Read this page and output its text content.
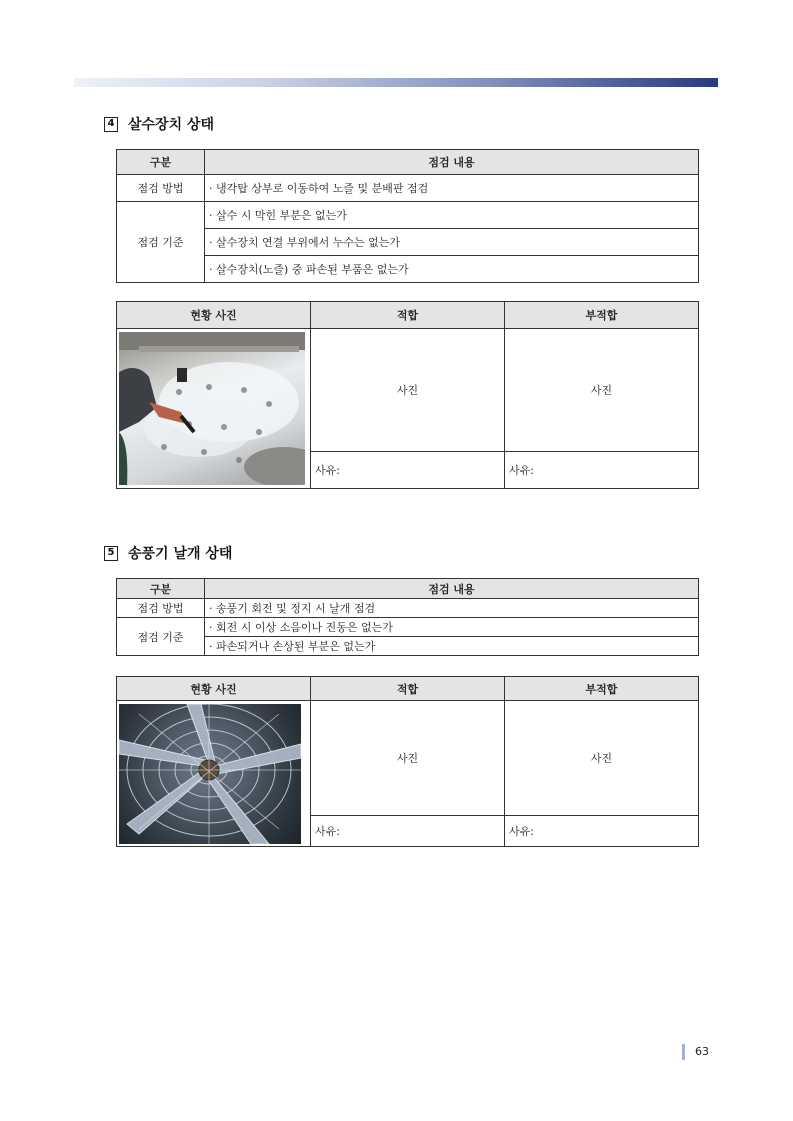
4 살수장치 상태
구분	점검 내용
점검 방법	· 냉각탑 상부로 이동하여 노즐 및 분배판 점검
점검 기준	· 살수 시 막힌 부분은 없는가
	· 살수장치 연결 부위에서 누수는 없는가
	· 살수장치(노즐) 중 파손된 부품은 없는가
현황 사진	적합	부적합

	사진	사진
	사유:	사유:
5 송풍기 날개 상태
구분	점검 내용
점검 방법	· 송풍기 회전 및 정지 시 날개 점검
점검 기준	· 회전 시 이상 소음이나 진동은 없는가
	· 파손되거나 손상된 부분은 없는가
현황 사진	적합	부적합

	사진	사진
	사유:	사유:
63
